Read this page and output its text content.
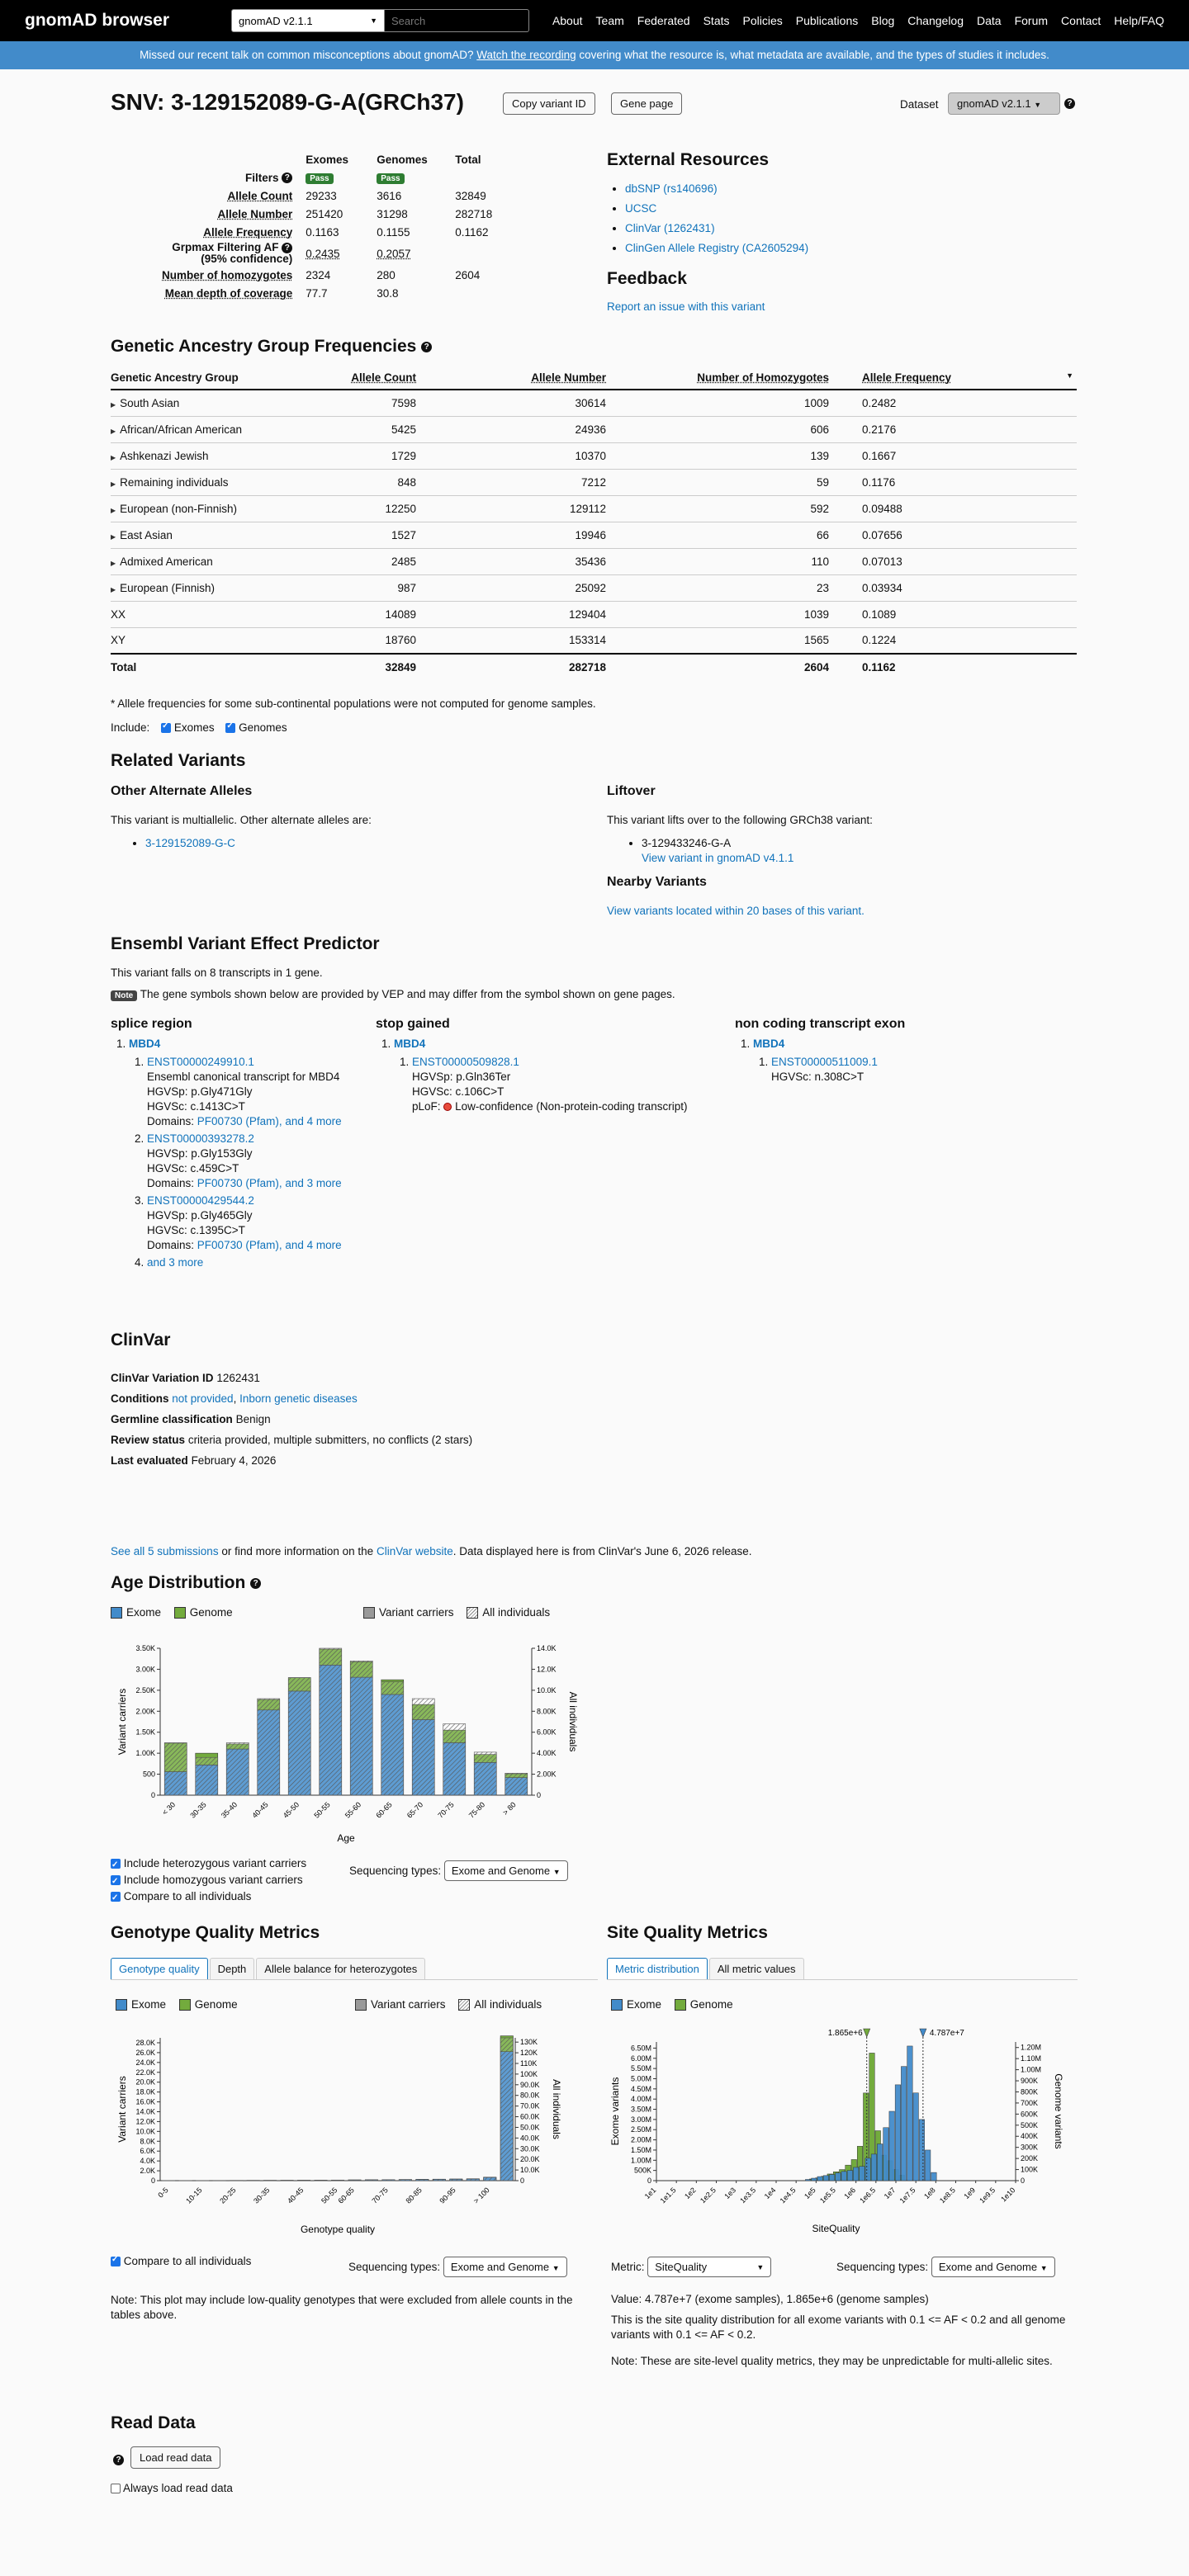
gnomAD browser	gnomAD v2.1.1	▼ Search	About Team Federated Stats Policies Publications Blog Changelog Data Forum Contact Help/FAQ
Missed our recent talk on common misconceptions about gnomAD? Watch the recording covering what the resource is, what metadata are available, and the types of studies it includes.
SNV: 3-129152089-G-A(GRCh37)	Copy variant ID	Gene page	Dataset	gnomAD v2.1.1 ▼	?
	Exomes	Genomes	Total
Filters ?	Pass	Pass	
Allele Count	29233	3616	32849
Allele Number	251420	31298	282718
Allele Frequency	0.1163	0.1155	0.1162
Grpmax Filtering AF ?
(95% confidence)	0.2435	0.2057	
Number of homozygotes	2324	280	2604
Mean depth of coverage	77.7	30.8	
External Resources
• dbSNP (rs140696)
• UCSC
• ClinVar (1262431)
• ClinGen Allele Registry (CA2605294)
Feedback
Report an issue with this variant
Genetic Ancestry Group Frequencies ?
Genetic Ancestry Group	Allele Count	Allele Number	Number of Homozygotes	Allele Frequency ▼

▶ South Asian	7598	30614	1009	0.2482
▶ African/African American	5425	24936	606	0.2176
▶ Ashkenazi Jewish	1729	10370	139	0.1667
▶ Remaining individuals	848	7212	59	0.1176
▶ European (non-Finnish)	12250	129112	592	0.09488
▶ East Asian	1527	19946	66	0.07656
▶ Admixed American	2485	35436	110	0.07013
▶ European (Finnish)	987	25092	23	0.03934
XX	14089	129404	1039	0.1089
XY	18760	153314	1565	0.1224
Total	32849	282718	2604	0.1162
* Allele frequencies for some sub-continental populations were not computed for genome samples.
Include: ✓ Exomes ✓ Genomes
Related Variants
Other Alternate Alleles
This variant is multiallelic. Other alternate alleles are:
• 3-129152089-G-C
Liftover
This variant lifts over to the following GRCh38 variant:
• 3-129433246-G-A
View variant in gnomAD v4.1.1
Nearby Variants
View variants located within 20 bases of this variant.
Ensembl Variant Effect Predictor
This variant falls on 8 transcripts in 1 gene.
Note The gene symbols shown below are provided by VEP and may differ from the symbol shown on gene pages.
splice region
1. MBD4
1. ENST00000249910.1
Ensembl canonical transcript for MBD4
HGVSp: p.Gly471Gly
HGVSc: c.1413C>T
Domains: PF00730 (Pfam), and 4 more
2. ENST00000393278.2
HGVSp: p.Gly153Gly
HGVSc: c.459C>T
Domains: PF00730 (Pfam), and 3 more
3. ENST00000429544.2
HGVSp: p.Gly465Gly
HGVSc: c.1395C>T
Domains: PF00730 (Pfam), and 4 more
4. and 3 more
stop gained
1. MBD4
1. ENST00000509828.1
HGVSp: p.Gln36Ter
HGVSc: c.106C>T
pLoF: Low-confidence (Non-protein-coding transcript)
non coding transcript exon
1. MBD4
1. ENST00000511009.1
HGVSc: n.308C>T
ClinVar
ClinVar Variation ID 1262431
Conditions not provided, Inborn genetic diseases
Germline classification Benign
Review status criteria provided, multiple submitters, no conflicts (2 stars)
Last evaluated February 4, 2026
See all 5 submissions or find more information on the ClinVar website. Data displayed here is from ClinVar's June 6, 2026 release.
Age Distribution ?
Exome	Genome	Variant carriers	All individuals
0
500
1.00K
1.50K
2.00K
2.50K
3.00K
3.50K
0
2.00K
4.00K
6.00K
8.00K
10.0K
12.0K
14.0K
Variant carriers	All individuals
< 30 30-35 35-40 40-45 45-50 50-55 55-60 60-65 65-70 70-75 75-80 > 80
Age
✓ Include heterozygous variant carriers
✓ Include homozygous variant carriers
✓ Compare to all individuals
Sequencing types: Exome and Genome ▼
Genotype Quality Metrics
Genotype quality	Depth	Allele balance for heterozygotes
Exome	Genome	Variant carriers	All individuals
0
2.0K
4.0K
6.0K
8.0K
10.0K
12.0K
14.0K
16.0K
18.0K
20.0K
22.0K
24.0K
26.0K
28.0K
0
10.0K
20.0K
30.0K
40.0K
50.0K
60.0K
70.0K
80.0K
90.0K
100K
110K
120K
130K
Variant carriers	All individuals
0-5 10-15 20-25 30-35 40-45 50-55
60-65 70-75 80-85 90-95 > 100
Genotype quality
✓ Compare to all individuals	Sequencing types: Exome and Genome ▼
Note: This plot may include low-quality genotypes that were excluded from allele counts in the tables above.
Site Quality Metrics
Metric distribution	All metric values
Exome	Genome
0
500K
1.00M
1.50M
2.00M
2.50M
3.00M
3.50M
4.00M
4.50M
5.00M
5.50M
6.00M
6.50M
0
100K
200K
300K
400K
500K
600K
700K
800K
900K
1.00M
1.10M
1.20M
Exome variants	Genome variants
1e1 1e1.5 1e2 1e2.5 1e3 1e3.5 1e4 1e4.5 1e5 1e5.5 1e6 1e6.5 1e7 1e7.5 1e8 1e8.5 1e9 1e9.5 1e10
SiteQuality
1.865e+6	4.787e+7
Metric: SiteQuality	▼	Sequencing types: Exome and Genome ▼
Value: 4.787e+7 (exome samples), 1.865e+6 (genome samples)
This is the site quality distribution for all exome variants with 0.1 <= AF < 0.2 and all genome variants with 0.1 <= AF < 0.2.
Note: These are site-level quality metrics, they may be unpredictable for multi-allelic sites.
Read Data
?	Load read data
Always load read data
